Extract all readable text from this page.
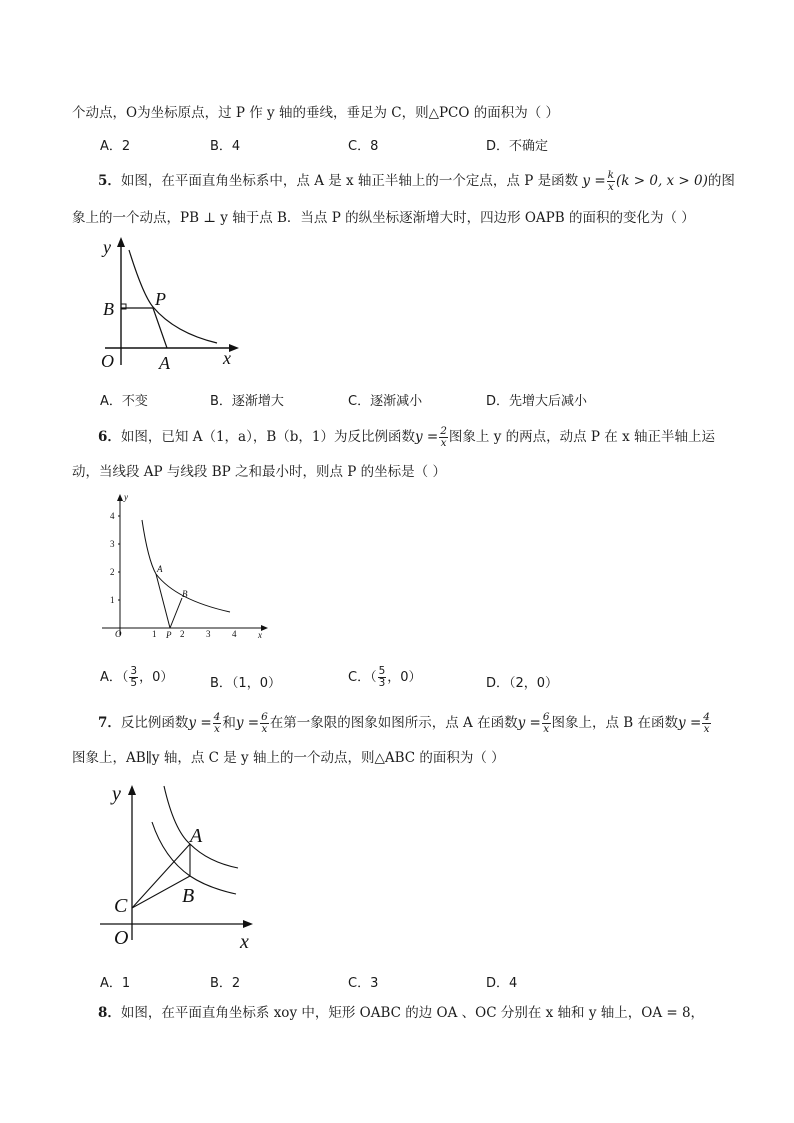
个动点，O为坐标原点，过 P 作 y 轴的垂线，垂足为 C，则△PCO 的面积为（ ）
A．2	B．4	C．8	D．不确定
5．如图，在平面直角坐标系中，点 A 是 x 轴正半轴上的一个定点，点 P 是函数 $y = \frac{k}{x} (k > 0$, x > 0)的图
象上的一个动点，PB ⊥ y 轴于点 B．当点 P 的纵坐标逐渐增大时，四边形 OAPB 的面积的变化为（ ）
y
x
O	A
B P
A．不变	B．逐渐增大	C．逐渐减小	D．先增大后减小
6．如图，已知 A（1，a），B（b，1）为反比例函数$y = \frac{2}{x}$ 图象上 y 的两点，动点 P 在 x 轴正半轴上运
动，当线段 AP 与线段 BP 之和最小时，则点 P 的坐标是（ ）
y
x
O
A
B
P
1	2 3 4
1
2
3
4
A．（ $\frac{3}{5}$ ，0）	B．（1，0）	C．（ $\frac{5}{3}$ ，0）	D．（2，0）
7．反比例函数$y = \frac{4}{x}$ 和$y = \frac{6}{x}$ 在第一象限的图象如图所示，点 A 在函数$y = \frac{6}{x}$ 图象上，点 B 在函数$y = \frac{4}{x}$
图象上，AB∥y 轴，点 C 是 y 轴上的一个动点，则△ABC 的面积为（ ）
y
x
O
A
B
C
A．1	B．2	C．3	D．4
8．如图，在平面直角坐标系 xoy 中，矩形 OABC 的边 OA 、OC 分别在 x 轴和 y 轴上，OA = 8，
